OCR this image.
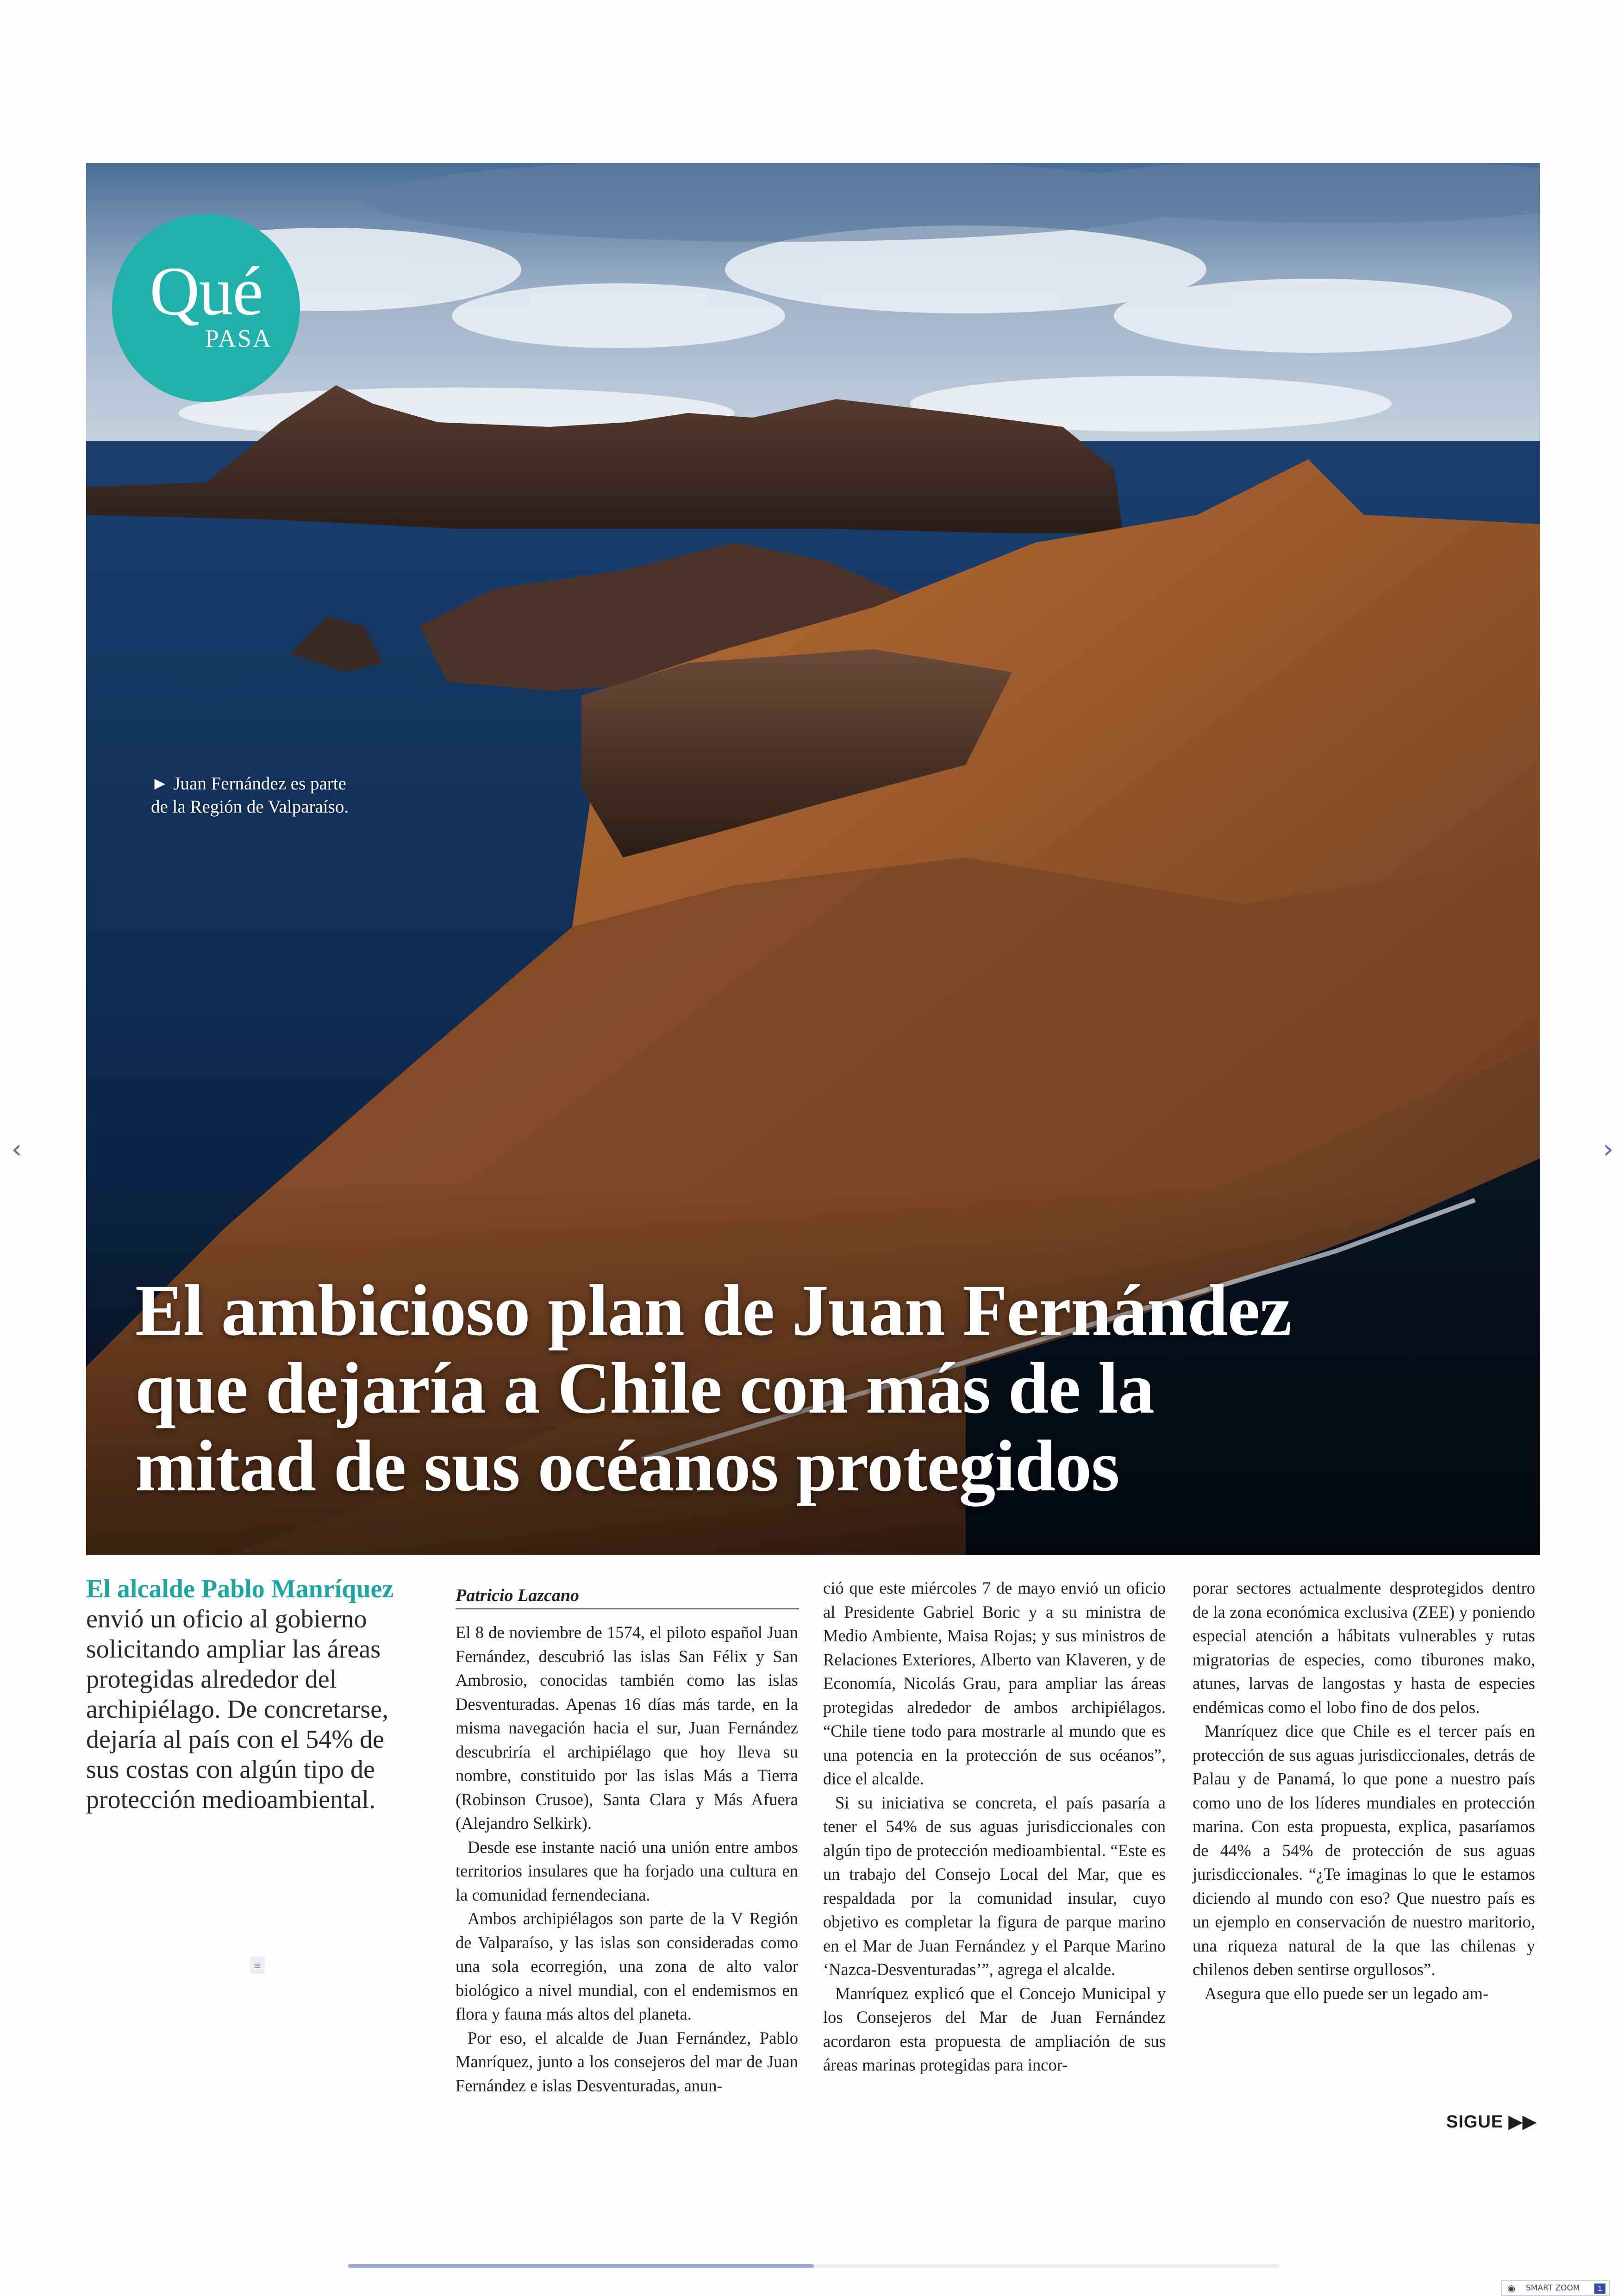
Qué
PASA
► Juan Fernández es parte
de la Región de Valparaíso.
El ambicioso plan de Juan Fernández
que dejaría a Chile con más de la
mitad de sus océanos protegidos

El alcalde Pablo Manríquez envió un oficio al gobierno solicitando ampliar las áreas protegidas alrededor del archipiélago. De concretarse, dejaría al país con el 54% de sus costas con algún tipo de protección medioambiental.

≡
Patricio Lazcano

El 8 de noviembre de 1574, el piloto español Juan Fernández, descubrió las islas San Félix y San Ambrosio, conocidas también como las islas Desventuradas. Apenas 16 días más tarde, en la misma navegación hacia el sur, Juan Fernández descubriría el archipiélago que hoy lleva su nombre, constituido por las islas Más a Tierra (Robinson Crusoe), Santa Clara y Más Afuera (Alejandro Selkirk).

Desde ese instante nació una unión entre ambos territorios insulares que ha forjado una cultura en la comunidad fernendeciana.

Ambos archipiélagos son parte de la V Región de Valparaíso, y las islas son consideradas como una sola ecorregión, una zona de alto valor biológico a nivel mundial, con el endemismos en flora y fauna más altos del planeta.

Por eso, el alcalde de Juan Fernández, Pablo Manríquez, junto a los consejeros del mar de Juan Fernández e islas Desventuradas, anun-

ció que este miércoles 7 de mayo envió un oficio al Presidente Gabriel Boric y a su ministra de Medio Ambiente, Maisa Rojas; y sus ministros de Relaciones Exteriores, Alberto van Klaveren, y de Economía, Nicolás Grau, para ampliar las áreas protegidas alrededor de ambos archipiélagos. “Chile tiene todo para mostrarle al mundo que es una potencia en la protección de sus océanos”, dice el alcalde.

Si su iniciativa se concreta, el país pasaría a tener el 54% de sus aguas jurisdiccionales con algún tipo de protección medioambiental. “Este es un trabajo del Consejo Local del Mar, que es respaldada por la comunidad insular, cuyo objetivo es completar la figura de parque marino en el Mar de Juan Fernández y el Parque Marino ‘Nazca-Desventuradas’”, agrega el alcalde.

Manríquez explicó que el Concejo Municipal y los Consejeros del Mar de Juan Fernández acordaron esta propuesta de ampliación de sus áreas marinas protegidas para incor-

porar sectores actualmente desprotegidos dentro de la zona económica exclusiva (ZEE) y poniendo especial atención a hábitats vulnerables y rutas migratorias de especies, como tiburones mako, atunes, larvas de langostas y hasta de especies endémicas como el lobo fino de dos pelos.

Manríquez dice que Chile es el tercer país en protección de sus aguas jurisdiccionales, detrás de Palau y de Panamá, lo que pone a nuestro país como uno de los líderes mundiales en protección marina. Con esta propuesta, explica, pasaríamos de 44% a 54% de protección de sus aguas jurisdiccionales. “¿Te imaginas lo que le estamos diciendo al mundo con eso? Que nuestro país es un ejemplo en conservación de nuestro maritorio, una riqueza natural de la que las chilenas y chilenos deben sentirse orgullosos”.

Asegura que ello puede ser un legado am-

SIGUE ▶▶
‹	›
◉ SMART ZOOM	1
